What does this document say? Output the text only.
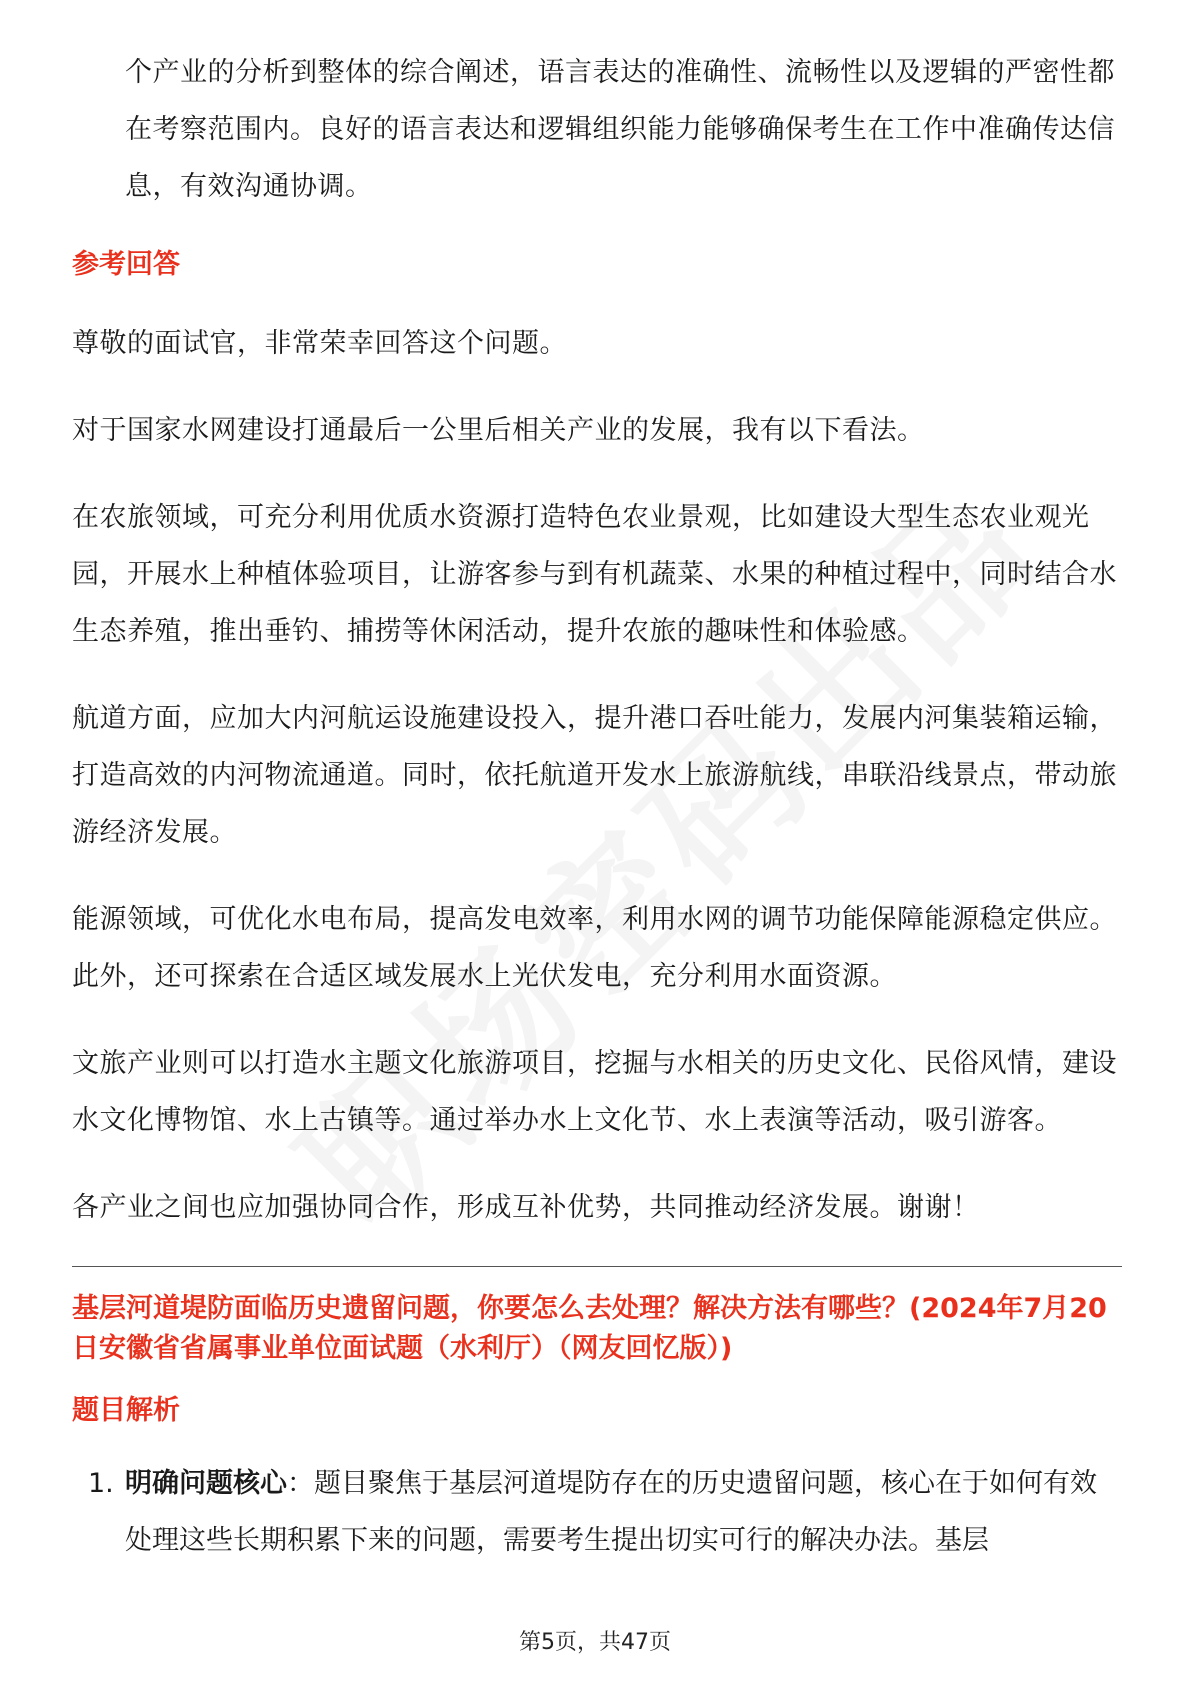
个产业的分析到整体的综合阐述，语言表达的准确性、流畅性以及逻辑的严密性都在考察范围内。良好的语言表达和逻辑组织能力能够确保考生在工作中准确传达信息，有效沟通协调。

参考回答

尊敬的面试官，非常荣幸回答这个问题。

对于国家水网建设打通最后一公里后相关产业的发展，我有以下看法。

在农旅领域，可充分利用优质水资源打造特色农业景观，比如建设大型生态农业观光园，开展水上种植体验项目，让游客参与到有机蔬菜、水果的种植过程中，同时结合水生态养殖，推出垂钓、捕捞等休闲活动，提升农旅的趣味性和体验感。

航道方面，应加大内河航运设施建设投入，提升港口吞吐能力，发展内河集装箱运输，打造高效的内河物流通道。同时，依托航道开发水上旅游航线，串联沿线景点，带动旅游经济发展。

能源领域，可优化水电布局，提高发电效率，利用水网的调节功能保障能源稳定供应。此外，还可探索在合适区域发展水上光伏发电，充分利用水面资源。

文旅产业则可以打造水主题文化旅游项目，挖掘与水相关的历史文化、民俗风情，建设水文化博物馆、水上古镇等。通过举办水上文化节、水上表演等活动，吸引游客。

各产业之间也应加强协同合作，形成互补优势，共同推动经济发展。谢谢！

基层河道堤防面临历史遗留问题，你要怎么去处理？解决方法有哪些？(2024年7月20日安徽省省属事业单位面试题（水利厅）（网友回忆版）)
题目解析
1. 明确问题核心：题目聚焦于基层河道堤防存在的历史遗留问题，核心在于如何有效处理这些长期积累下来的问题，需要考生提出切实可行的解决办法。基层
第5页，共47页
